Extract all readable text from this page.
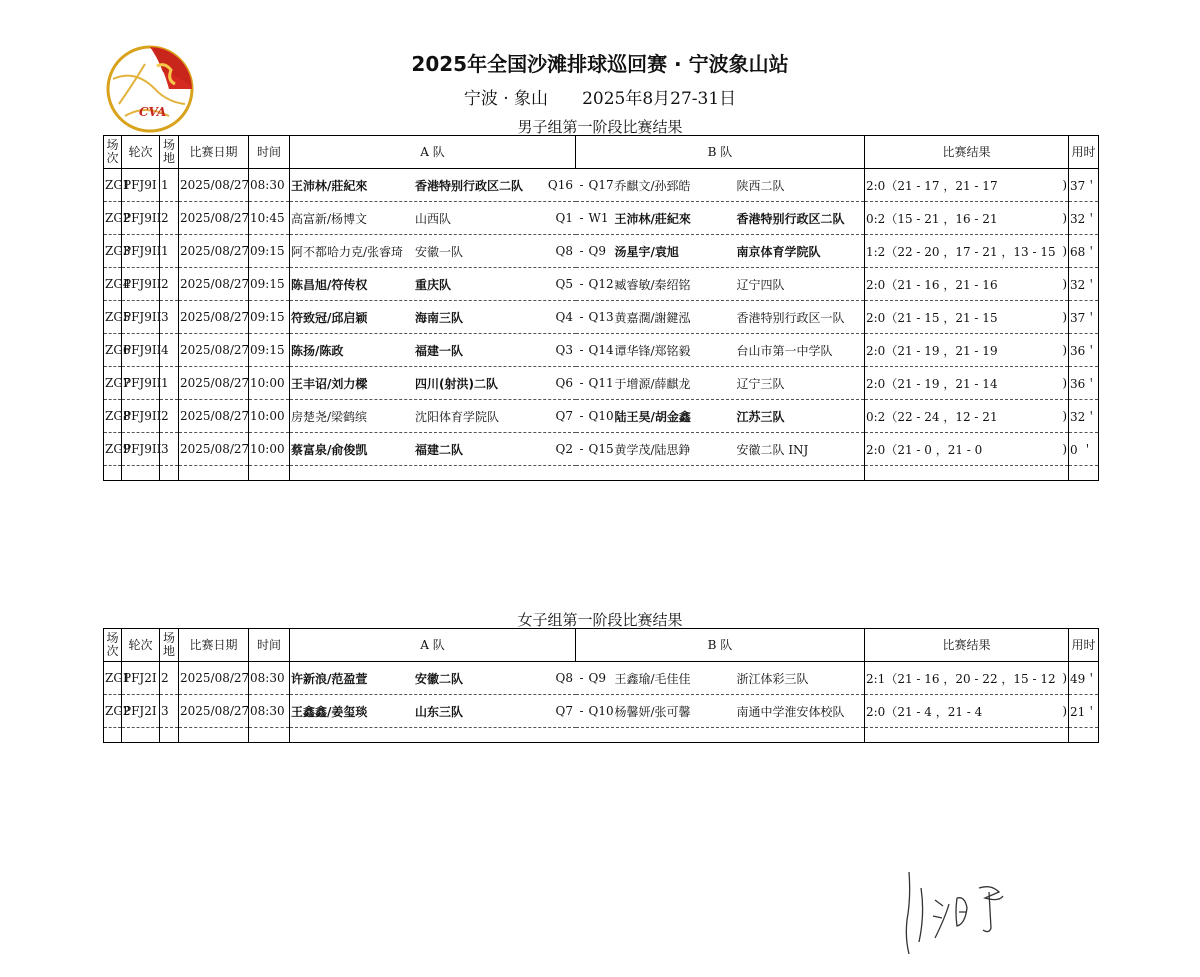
CVA
2025年全国沙滩排球巡回赛 · 宁波象山站
宁波 · 象山 2025年8月27-31日
男子组第一阶段比赛结果
场次	轮次	场地	比赛日期	时间	A 队	B 队	比赛结果	用时
ZG1	PFJ9I	1	2025/08/27	08:30	王沛林/莊紀來 香港特别行政区二队 Q16	- Q17 乔麒文/孙郅皓 陕西二队	2:0（21 - 17 ，21 - 17 )	37＇
ZG2	PFJ9II	2	2025/08/27	10:45	高富新/杨博文 山西队 Q1	- W1 王沛林/莊紀來 香港特别行政区二队	0:2（15 - 21 ，16 - 21 )	32＇
ZG3	PFJ9II	1	2025/08/27	09:15	阿不都哈力克/张睿琦 安徽一队 Q8	- Q9 汤星宇/袁旭 南京体育学院队	1:2（22 - 20 ，17 - 21 ，13 - 15 )	68＇
ZG4	PFJ9II	2	2025/08/27	09:15	陈昌旭/符传权 重庆队 Q5	- Q12 臧睿敏/秦绍铭 辽宁四队	2:0（21 - 16 ，21 - 16 )	32＇
ZG5	PFJ9II	3	2025/08/27	09:15	符致冠/邱启颖 海南三队 Q4	- Q13 黄嘉濶/謝鍵泓 香港特别行政区一队	2:0（21 - 15 ，21 - 15 )	37＇
ZG6	PFJ9II	4	2025/08/27	09:15	陈扬/陈政 福建一队 Q3	- Q14 谭华锋/郑铭毅 台山市第一中学队	2:0（21 - 19 ，21 - 19 )	36＇
ZG7	PFJ9II	1	2025/08/27	10:00	王丰诏/刘力樑 四川(射洪)二队 Q6	- Q11 于增源/薛麒龙 辽宁三队	2:0（21 - 19 ，21 - 14 )	36＇
ZG8	PFJ9II	2	2025/08/27	10:00	房楚尧/梁鹤缤 沈阳体育学院队 Q7	- Q10 陆王昊/胡金鑫 江苏三队	0:2（22 - 24 ，12 - 21 )	32＇
ZG9	PFJ9II	3	2025/08/27	10:00	蔡富泉/俞俊凯 福建二队 Q2	- Q15 黄学茂/陆思錚 安徽二队 INJ	2:0（21 - 0 ，21 - 0 )	0 ＇

女子组第一阶段比赛结果
场次	轮次	场地	比赛日期	时间	A 队	B 队	比赛结果	用时
ZG1	PFJ2I	2	2025/08/27	08:30	许新浪/范盈萱 安徽二队 Q8	- Q9 王鑫瑜/毛佳佳 浙江体彩三队	2:1（21 - 16 ，20 - 22 ，15 - 12 )	49＇
ZG2	PFJ2I	3	2025/08/27	08:30	王鑫鑫/姜玺琰 山东三队 Q7	- Q10 杨馨妍/张可馨 南通中学淮安体校队	2:0（21 - 4 ，21 - 4 )	21＇
